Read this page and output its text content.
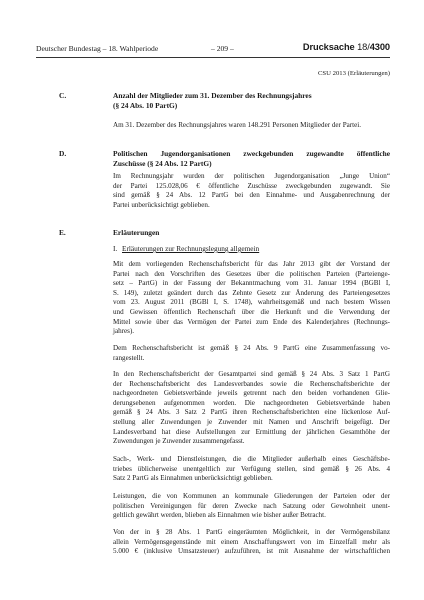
Deutscher Bundestag – 18. Wahlperiode	– 209 –	Drucksache 18/4300
CSU 2013 (Erläuterungen)
C.	Anzahl der Mitglieder zum 31. Dezember des Rechnungsjahres
(§ 24 Abs. 10 PartG)
Am 31. Dezember des Rechnungsjahres waren 148.291 Personen Mitglieder der Partei.
D.	Politischen Jugendorganisationen zweckgebunden zugewandte öffentliche
Zuschüsse (§ 24 Abs. 12 PartG)
Im Rechnungsjahr wurden der politischen Jugendorganisation „Junge Union“
der Partei 125.028,06 € öffentliche Zuschüsse zweckgebunden zugewandt. Sie
sind gemäß § 24 Abs. 12 PartG bei den Einnahme- und Ausgabenrechnung der
Partei unberücksichtigt geblieben.
E.	Erläuterungen
I. Erläuterungen zur Rechnungslegung allgemein
Mit dem vorliegenden Rechenschaftsbericht für das Jahr 2013 gibt der Vorstand der
Partei nach den Vorschriften des Gesetzes über die politischen Parteien (Parteienge-
setz – PartG) in der Fassung der Bekanntmachung vom 31. Januar 1994 (BGBl I,
S. 149), zuletzt geändert durch das Zehnte Gesetz zur Änderung des Parteiengesetzes
vom 23. August 2011 (BGBl I, S. 1748), wahrheitsgemäß und nach bestem Wissen
und Gewissen öffentlich Rechenschaft über die Herkunft und die Verwendung der
Mittel sowie über das Vermögen der Partei zum Ende des Kalenderjahres (Rechnungs-
jahres).
Dem Rechenschaftsbericht ist gemäß § 24 Abs. 9 PartG eine Zusammenfassung vo-
rangestellt.
In den Rechenschaftsbericht der Gesamtpartei sind gemäß § 24 Abs. 3 Satz 1 PartG
der Rechenschaftsbericht des Landesverbandes sowie die Rechenschaftsberichte der
nachgeordneten Gebietsverbände jeweils getrennt nach den beiden vorhandenen Glie-
derungsebenen aufgenommen worden. Die nachgeordneten Gebietsverbände haben
gemäß § 24 Abs. 3 Satz 2 PartG ihren Rechenschaftsberichten eine lückenlose Auf-
stellung aller Zuwendungen je Zuwender mit Namen und Anschrift beigefügt. Der
Landesverband hat diese Aufstellungen zur Ermittlung der jährlichen Gesamthöhe der
Zuwendungen je Zuwender zusammengefasst.
Sach-, Werk- und Dienstleistungen, die die Mitglieder außerhalb eines Geschäftsbe-
triebes üblicherweise unentgeltlich zur Verfügung stellen, sind gemäß § 26 Abs. 4
Satz 2 PartG als Einnahmen unberücksichtigt geblieben.
Leistungen, die von Kommunen an kommunale Gliederungen der Parteien oder der
politischen Vereinigungen für deren Zwecke nach Satzung oder Gewohnheit unent-
geltlich gewährt werden, blieben als Einnahmen wie bisher außer Betracht.
Von der in § 28 Abs. 1 PartG eingeräumten Möglichkeit, in der Vermögensbilanz
allein Vermögensgegenstände mit einem Anschaffungswert von im Einzelfall mehr als
5.000 € (inklusive Umsatzsteuer) aufzuführen, ist mit Ausnahme der wirtschaftlichen
